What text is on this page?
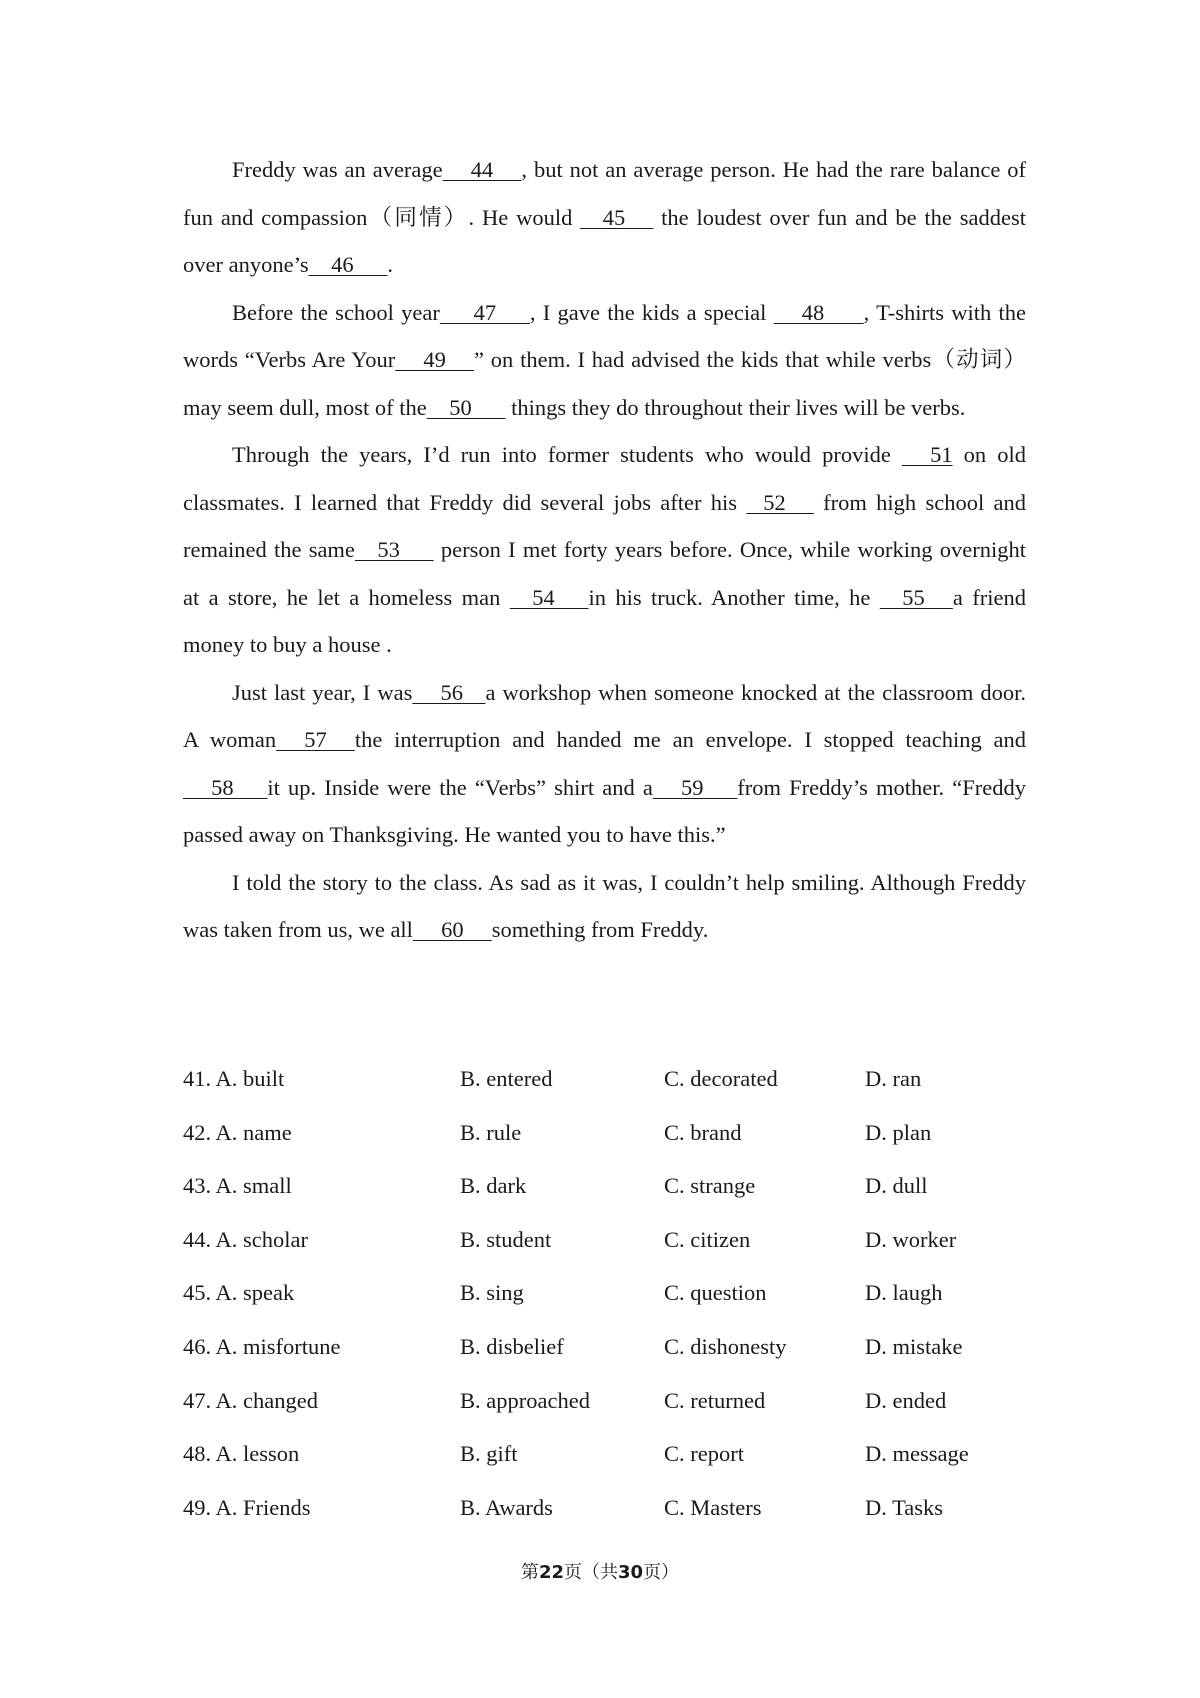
Freddy was an average     44     , but not an average person. He had the rare balance of fun and compassion（同情）. He would     45      the loudest over fun and be the saddest over anyone’s    46      .

Before the school year      47      , I gave the kids a special      48       , T-shirts with the words “Verbs Are Your     49     ” on them. I had advised the kids that while verbs（动词）may seem dull, most of the    50       things they do throughout their lives will be verbs.

Through the years, I’d run into former students who would provide      51 on old classmates. I learned that Freddy did several jobs after his    52      from high school and remained the same    53       person I met forty years before. Once, while working overnight at a store, he let a homeless man     54      in his truck. Another time, he     55     a friend money to buy a house .

Just last year, I was     56    a workshop when someone knocked at the classroom door. A woman     57     the interruption and handed me an envelope. I stopped teaching and     58      it up. Inside were the “Verbs” shirt and a     59      from Freddy’s mother. “Freddy passed away on Thanksgiving. He wanted you to have this.”

I told the story to the class. As sad as it was, I couldn’t help smiling. Although Freddy was taken from us, we all     60     something from Freddy.

41. A. built	B. entered	C. decorated	D. ran
42. A. name	B. rule	C. brand	D. plan
43. A. small	B. dark	C. strange	D. dull
44. A. scholar	B. student	C. citizen	D. worker
45. A. speak	B. sing	C. question	D. laugh
46. A. misfortune	B. disbelief	C. dishonesty	D. mistake
47. A. changed	B. approached	C. returned	D. ended
48. A. lesson	B. gift	C. report	D. message
49. A. Friends	B. Awards	C. Masters	D. Tasks
第22页（共30页）
